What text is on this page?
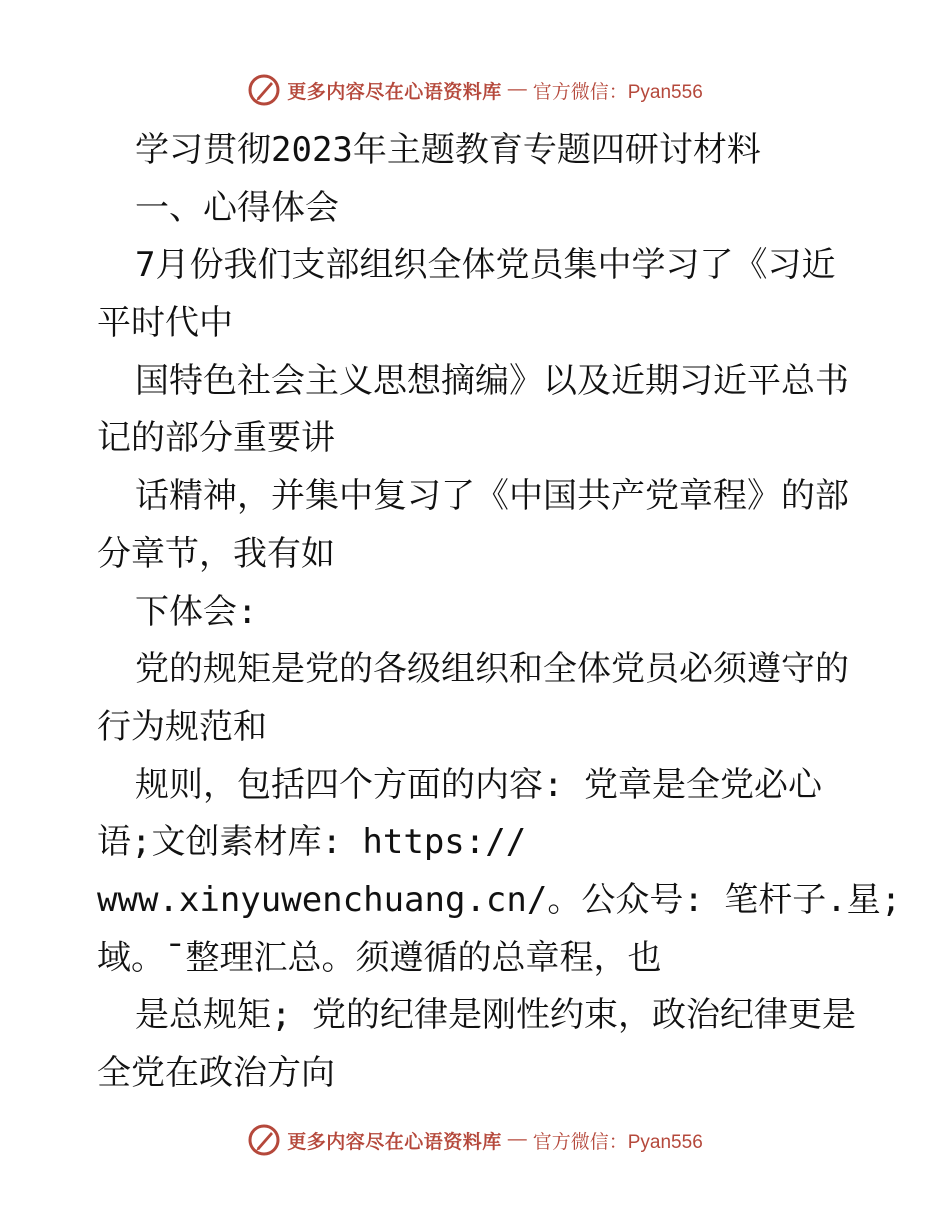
更多内容尽在心语资料库 — 官方微信：Pyan556
学习贯彻2023年主题教育专题四研讨材料
一、心得体会
7月份我们支部组织全体党员集中学习了《习近
平时代中
国特色社会主义思想摘编》以及近期习近平总书
记的部分重要讲
话精神，并集中复习了《中国共产党章程》的部
分章节，我有如
下体会:
党的规矩是党的各级组织和全体党员必须遵守的
行为规范和
规则，包括四个方面的内容: 党章是全党必心
语;文创素材库: https://
www.xinyuwenchuang.cn/。公众号: 笔杆子.星;
域。¯整理汇总。须遵循的总章程，也
是总规矩; 党的纪律是刚性约束，政治纪律更是
全党在政治方向
更多内容尽在心语资料库 — 官方微信：Pyan556
